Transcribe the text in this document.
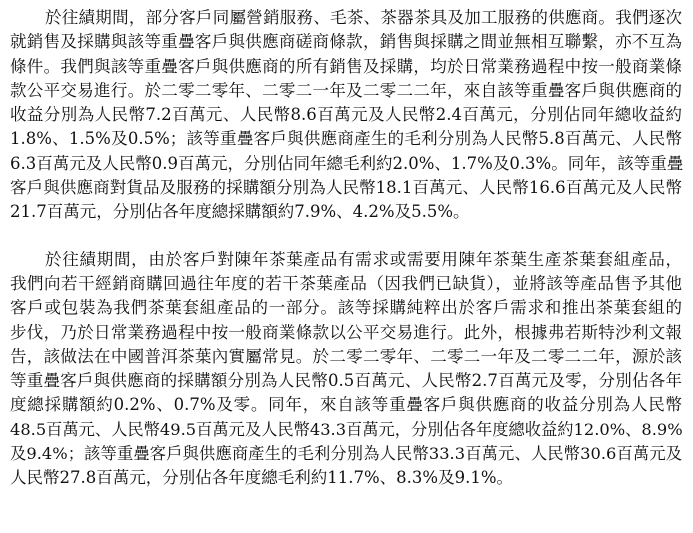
於往績期間，部分客戶同屬營銷服務、毛茶、茶器茶具及加工服務的供應商。我們逐次
就銷售及採購與該等重疊客戶與供應商磋商條款，銷售與採購之間並無相互聯繫，亦不互為
條件。我們與該等重疊客戶與供應商的所有銷售及採購，均於日常業務過程中按一般商業條
款公平交易進行。於二零二零年、二零二一年及二零二二年，來自該等重疊客戶與供應商的
收益分別為人民幣7.2百萬元、人民幣8.6百萬元及人民幣2.4百萬元，分別佔同年總收益約
1.8%、1.5%及0.5%；該等重疊客戶與供應商產生的毛利分別為人民幣5.8百萬元、人民幣
6.3百萬元及人民幣0.9百萬元，分別佔同年總毛利約2.0%、1.7%及0.3%。同年，該等重疊
客戶與供應商對貨品及服務的採購額分別為人民幣18.1百萬元、人民幣16.6百萬元及人民幣
21.7百萬元，分別佔各年度總採購額約7.9%、4.2%及5.5%。
於往績期間，由於客戶對陳年茶葉產品有需求或需要用陳年茶葉生產茶葉套組產品，
我們向若干經銷商購回過往年度的若干茶葉產品（因我們已缺貨），並將該等產品售予其他
客戶或包裝為我們茶葉套組產品的一部分。該等採購純粹出於客戶需求和推出茶葉套組的
步伐，乃於日常業務過程中按一般商業條款以公平交易進行。此外，根據弗若斯特沙利文報
告，該做法在中國普洱茶葉內實屬常見。於二零二零年、二零二一年及二零二二年，源於該
等重疊客戶與供應商的採購額分別為人民幣0.5百萬元、人民幣2.7百萬元及零，分別佔各年
度總採購額約0.2%、0.7%及零。同年，來自該等重疊客戶與供應商的收益分別為人民幣
48.5百萬元、人民幣49.5百萬元及人民幣43.3百萬元，分別佔各年度總收益約12.0%、8.9%
及9.4%；該等重疊客戶與供應商產生的毛利分別為人民幣33.3百萬元、人民幣30.6百萬元及
人民幣27.8百萬元，分別佔各年度總毛利約11.7%、8.3%及9.1%。
